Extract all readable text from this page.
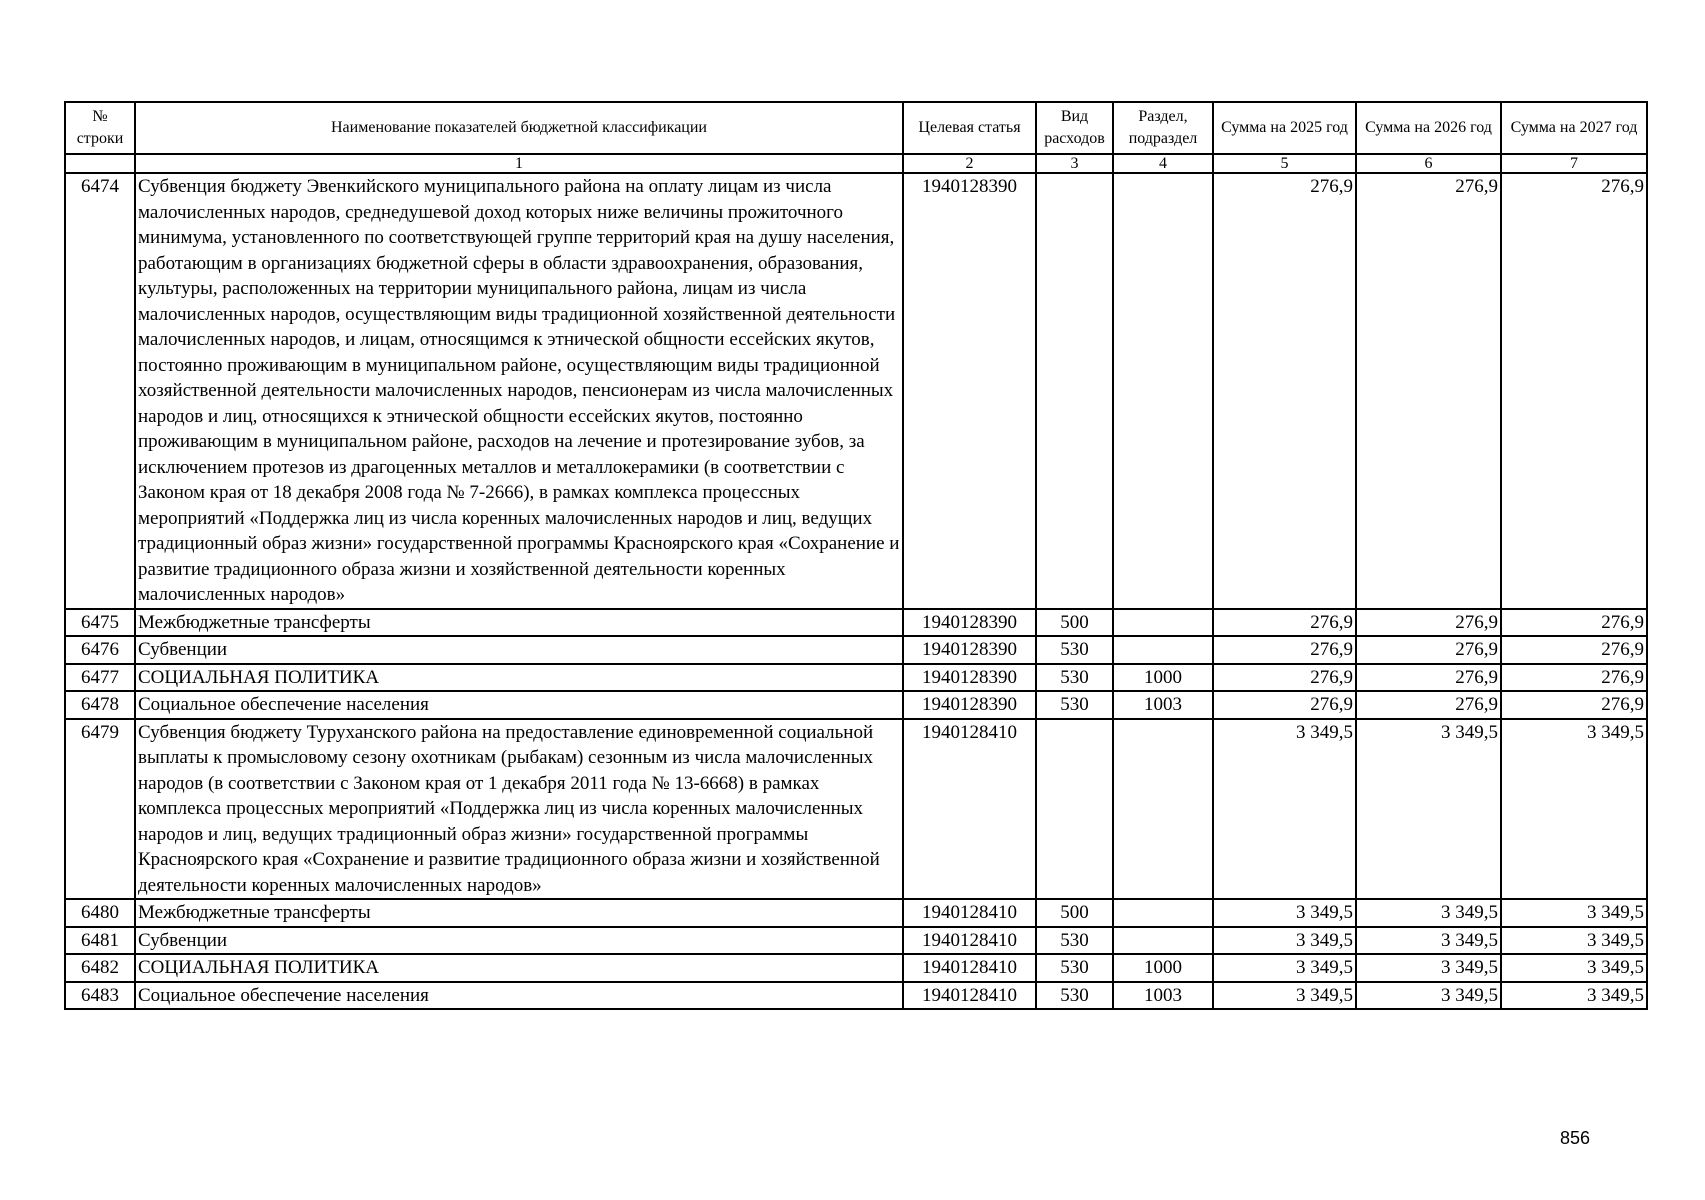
№ строки	Наименование показателей бюджетной классификации	Целевая статья	Вид расходов	Раздел, подраздел	Сумма на 2025 год	Сумма на 2026 год	Сумма на 2027 год
	1	2	3	4	5	6	7
6474	Субвенция бюджету Эвенкийского муниципального района на оплату лицам из числа малочисленных народов, среднедушевой доход которых ниже величины прожиточного минимума, установленного по соответствующей группе территорий края на душу населения, работающим в организациях бюджетной сферы в области здравоохранения, образования, культуры, расположенных на территории муниципального района, лицам из числа малочисленных народов, осуществляющим виды традиционной хозяйственной деятельности малочисленных народов, и лицам, относящимся к этнической общности ессейских якутов, постоянно проживающим в муниципальном районе, осуществляющим виды традиционной хозяйственной деятельности малочисленных народов, пенсионерам из числа малочисленных народов и лиц, относящихся к этнической общности ессейских якутов, постоянно проживающим в муниципальном районе, расходов на лечение и протезирование зубов, за исключением протезов из драгоценных металлов и металлокерамики (в соответствии с Законом края от 18 декабря 2008 года № 7-2666), в рамках комплекса процессных мероприятий «Поддержка лиц из числа коренных малочисленных народов и лиц, ведущих традиционный образ жизни» государственной программы Красноярского края «Сохранение и развитие традиционного образа жизни и хозяйственной деятельности коренных малочисленных народов»	1940128390			276,9	276,9	276,9
6475	Межбюджетные трансферты	1940128390	500		276,9	276,9	276,9
6476	Субвенции	1940128390	530		276,9	276,9	276,9
6477	СОЦИАЛЬНАЯ ПОЛИТИКА	1940128390	530	1000	276,9	276,9	276,9
6478	Социальное обеспечение населения	1940128390	530	1003	276,9	276,9	276,9
6479	Субвенция бюджету Туруханского района на предоставление единовременной социальной выплаты к промысловому сезону охотникам (рыбакам) сезонным из числа малочисленных народов (в соответствии с Законом края от 1 декабря 2011 года № 13-6668) в рамках комплекса процессных мероприятий «Поддержка лиц из числа коренных малочисленных народов и лиц, ведущих традиционный образ жизни» государственной программы Красноярского края «Сохранение и развитие традиционного образа жизни и хозяйственной деятельности коренных малочисленных народов»	1940128410			3 349,5	3 349,5	3 349,5
6480	Межбюджетные трансферты	1940128410	500		3 349,5	3 349,5	3 349,5
6481	Субвенции	1940128410	530		3 349,5	3 349,5	3 349,5
6482	СОЦИАЛЬНАЯ ПОЛИТИКА	1940128410	530	1000	3 349,5	3 349,5	3 349,5
6483	Социальное обеспечение населения	1940128410	530	1003	3 349,5	3 349,5	3 349,5
856
